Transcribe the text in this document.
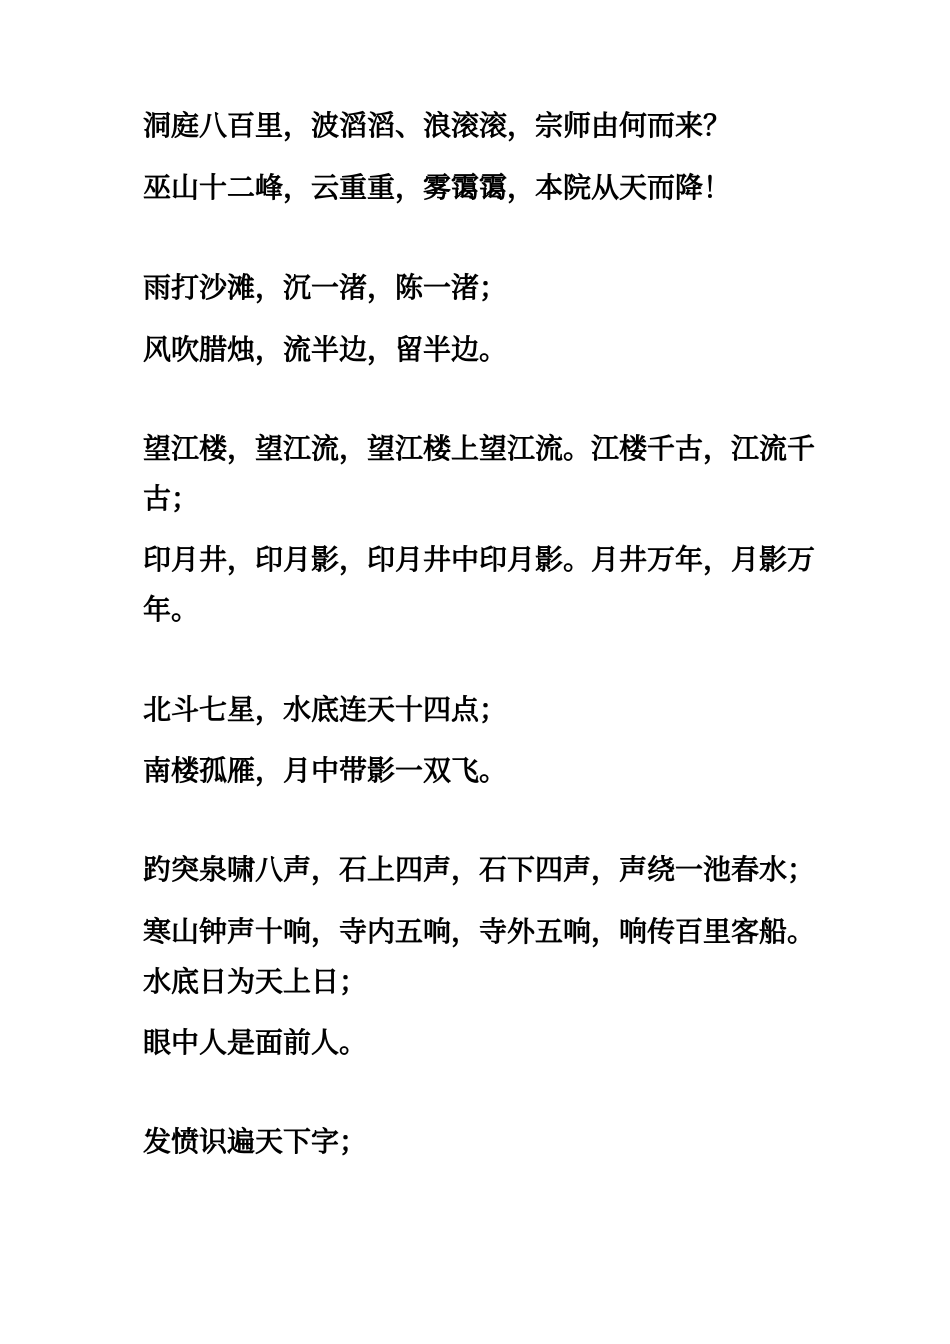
洞庭八百里，波滔滔、浪滚滚，宗师由何而来？

巫山十二峰，云重重，雾霭霭，本院从天而降！

雨打沙滩，沉一渚，陈一渚；

风吹腊烛，流半边，留半边。

望江楼，望江流，望江楼上望江流。江楼千古，江流千古；

印月井，印月影，印月井中印月影。月井万年，月影万年。

北斗七星，水底连天十四点；

南楼孤雁，月中带影一双飞。

趵突泉啸八声，石上四声，石下四声，声绕一池春水；

寒山钟声十响，寺内五响，寺外五响，响传百里客船。

水底日为天上日；

眼中人是面前人。

发愤识遍天下字；
